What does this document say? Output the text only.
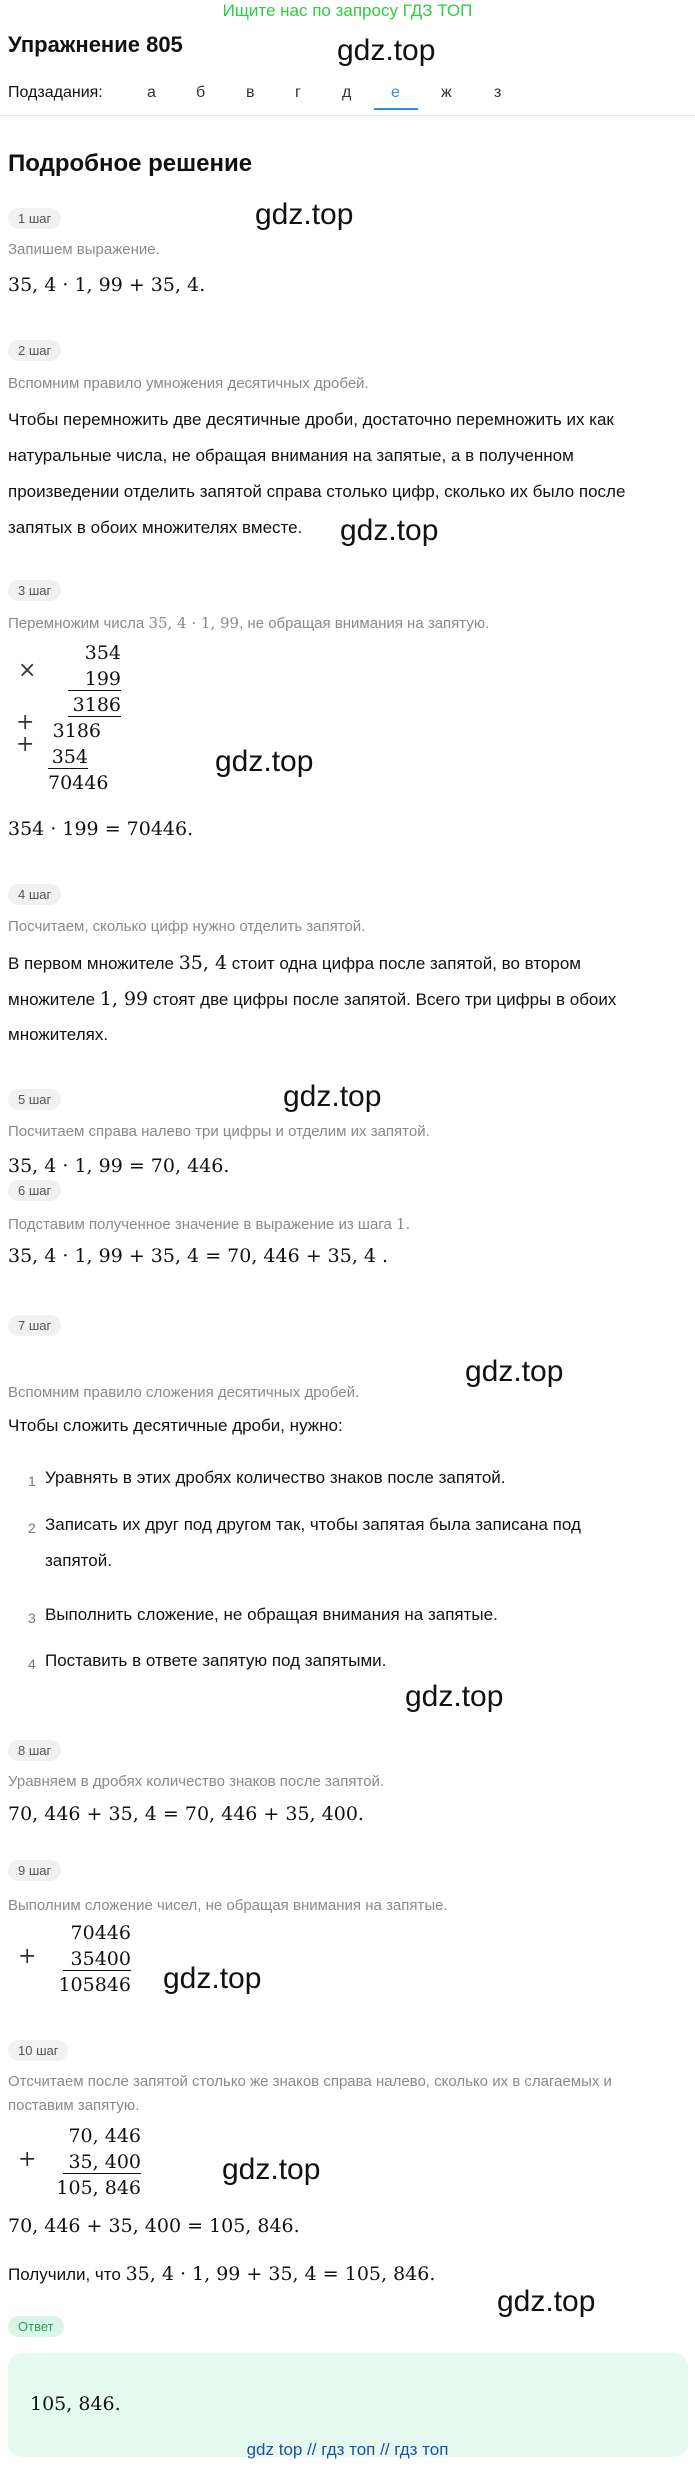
Ищите нас по запросу ГДЗ ТОП
Упражнение 805	gdz.top
gdz.top
gdz.top
gdz.top
gdz.top
gdz.top
gdz.top
gdz.top
gdz.top
gdz.top
Подзадания:	а	б	в	г	д е	ж	з
Подробное решение
1 шаг
Запишем выражение.
35, 4 · 1, 99 + 35, 4.
2 шаг
Вспомним правило умножения десятичных дробей.
Чтобы перемножить две десятичные дроби, достаточно перемножить их как
натуральные числа, не обращая внимания на запятые, а в полученном
произведении отделить запятой справа столько цифр, сколько их было после
запятых в обоих множителях вместе.
3 шаг
Перемножим числа 35, 4 · 1, 99, не обращая внимания на запятую.
×
354
199
3186
+
+
3186
354
70446
354 · 199 = 70446.
4 шаг
Посчитаем, сколько цифр нужно отделить запятой.
В первом множителе 35, 4 стоит одна цифра после запятой, во втором
множителе 1, 99 стоят две цифры после запятой. Всего три цифры в обоих
множителях.
5 шаг
Посчитаем справа налево три цифры и отделим их запятой.
35, 4 · 1, 99 = 70, 446.
6 шаг
Подставим полученное значение в выражение из шага 1.
35, 4 · 1, 99 + 35, 4 = 70, 446 + 35, 4 .
7 шаг
Вспомним правило сложения десятичных дробей.
Чтобы сложить десятичные дроби, нужно:
1 Уравнять в этих дробях количество знаков после запятой.
2 Записать их друг под другом так, чтобы запятая была записана под
запятой.
3 Выполнить сложение, не обращая внимания на запятые.
4 Поставить в ответе запятую под запятыми.
8 шаг
Уравняем в дробях количество знаков после запятой.
70, 446 + 35, 4 = 70, 446 + 35, 400.
9 шаг
Выполним сложение чисел, не обращая внимания на запятые.
+
70446
35400
105846
10 шаг
Отсчитаем после запятой столько же знаков справа налево, сколько их в слагаемых и
поставим запятую.
+
70, 446
35, 400
105, 846
70, 446 + 35, 400 = 105, 846.
Получили, что 35, 4 · 1, 99 + 35, 4 = 105, 846.
Ответ
105, 846.
gdz top // гдз топ // гдз топ
